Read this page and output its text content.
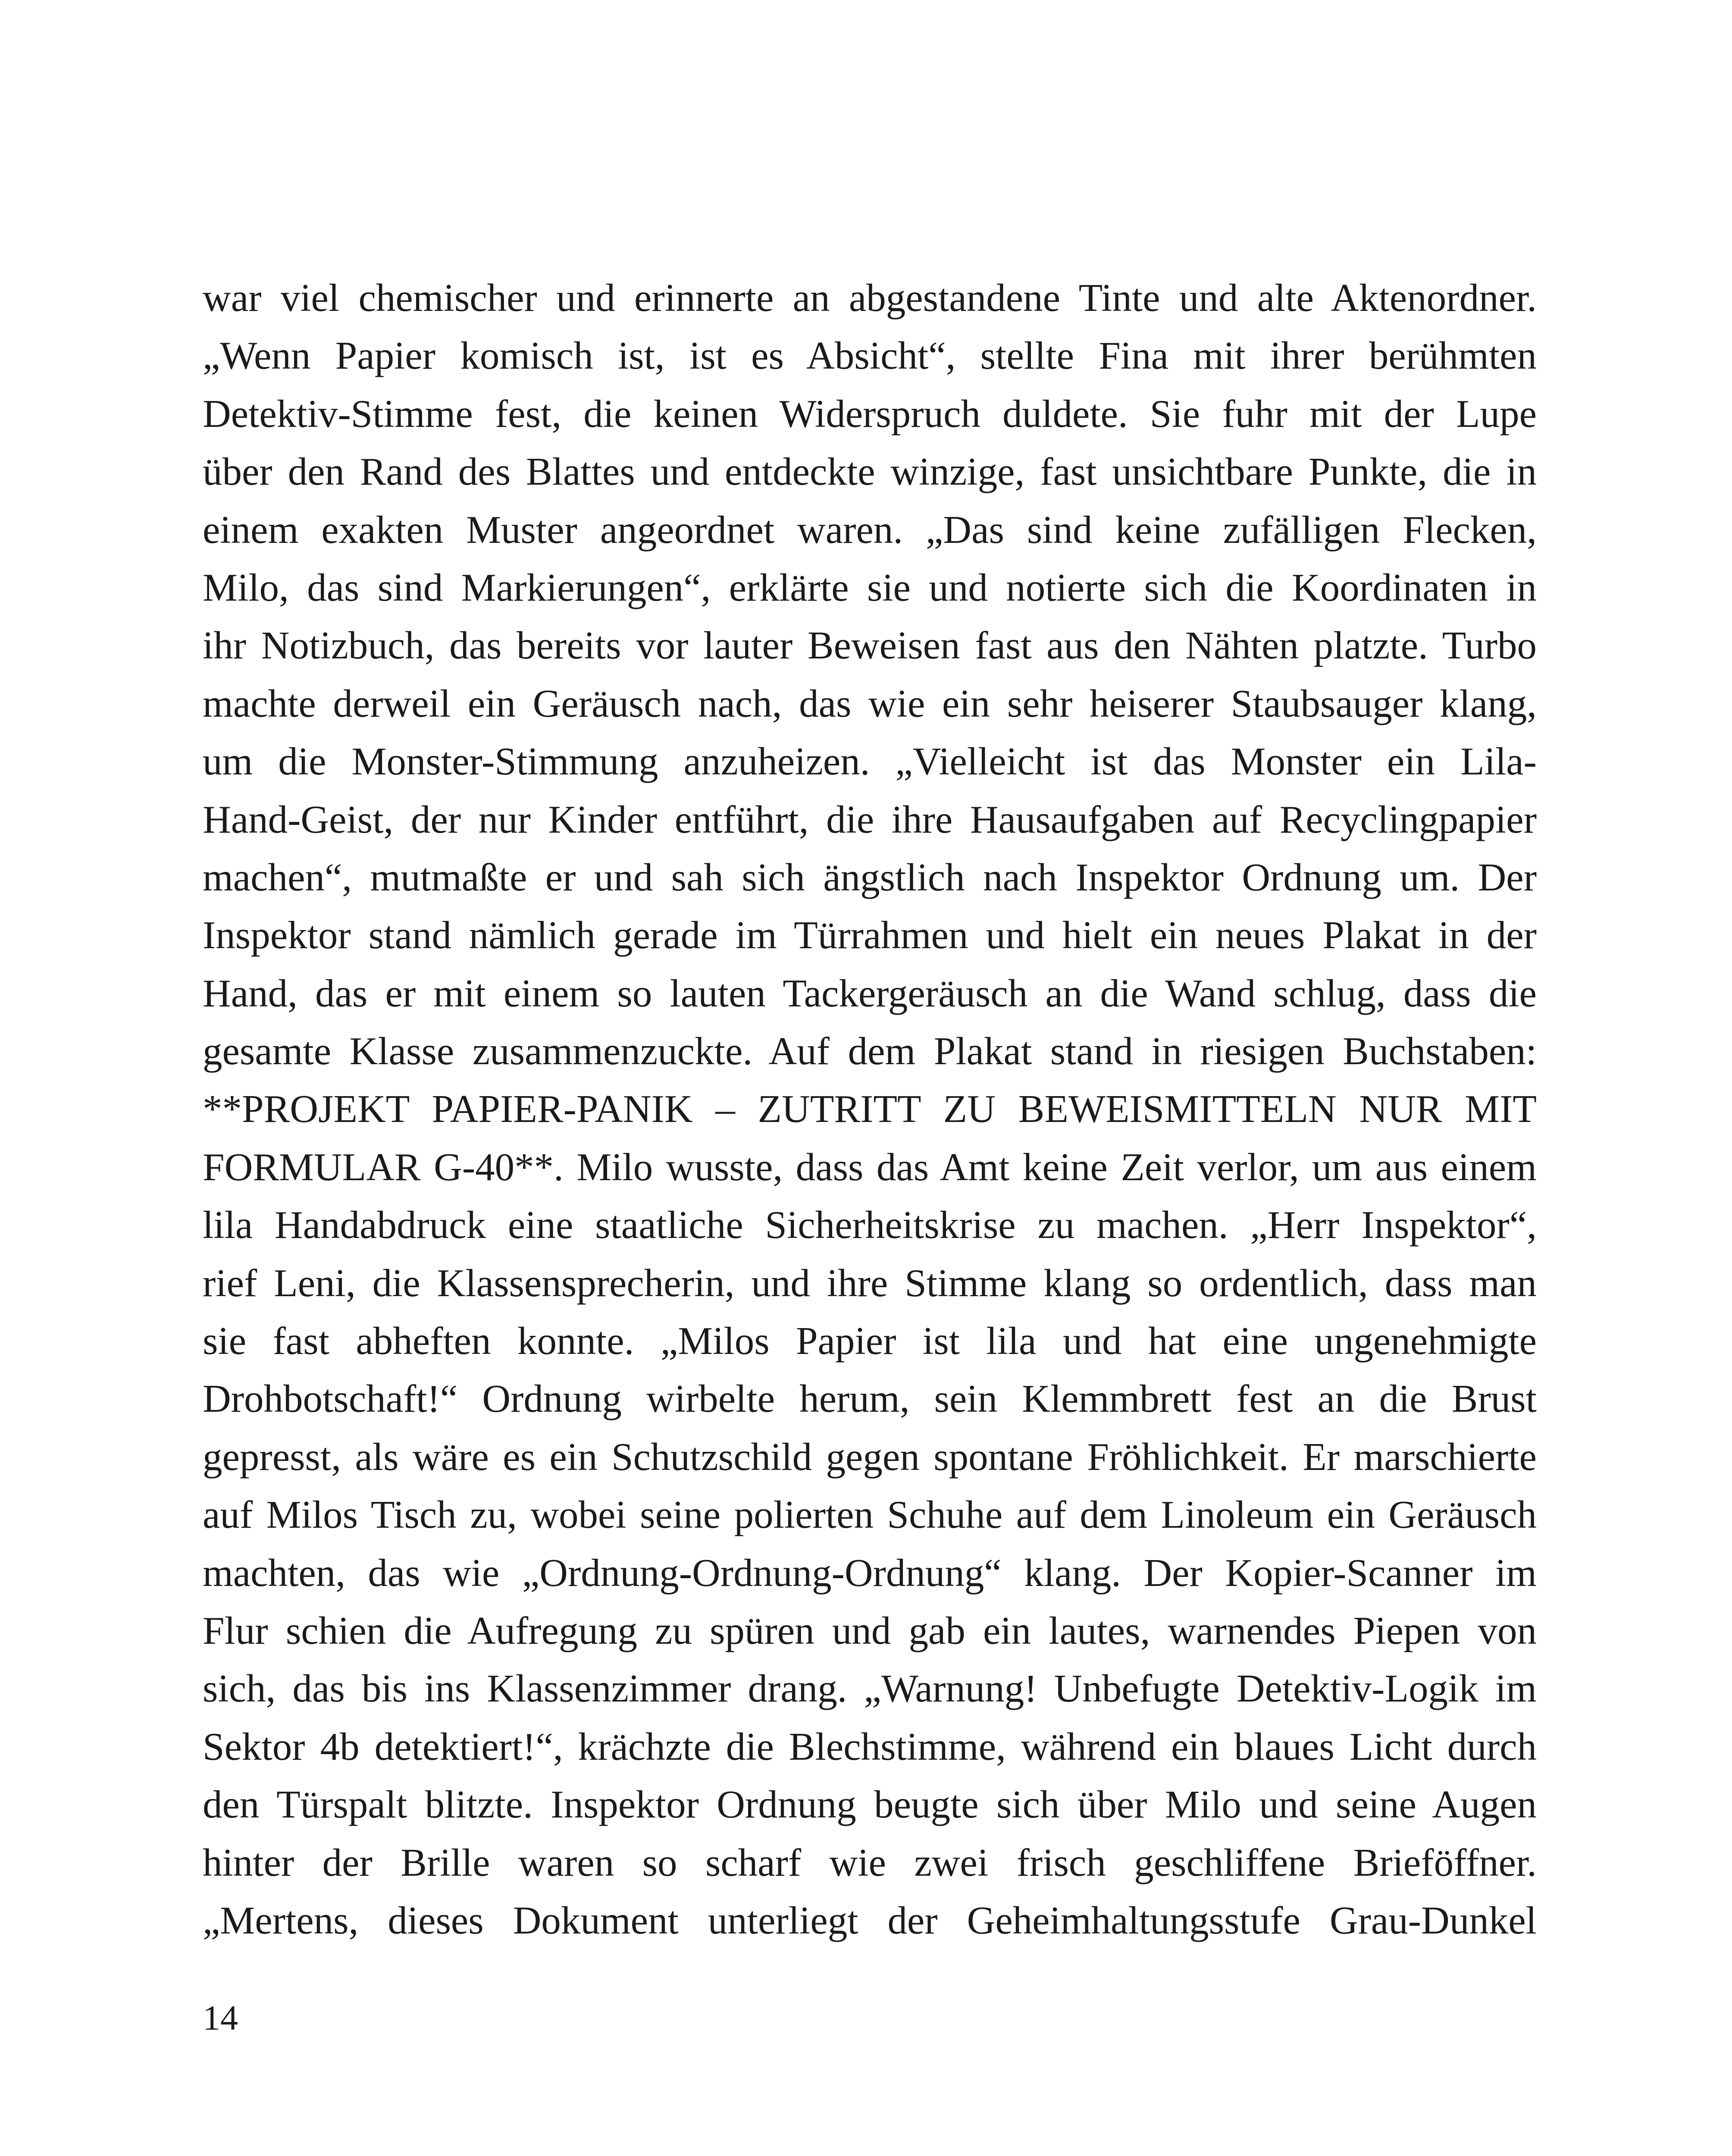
war viel chemischer und erinnerte an abgestandene Tinte und alte Aktenordner.
„Wenn Papier komisch ist, ist es Absicht“, stellte Fina mit ihrer berühmten
Detektiv-Stimme fest, die keinen Widerspruch duldete. Sie fuhr mit der Lupe
über den Rand des Blattes und entdeckte winzige, fast unsichtbare Punkte, die in
einem exakten Muster angeordnet waren. „Das sind keine zufälligen Flecken,
Milo, das sind Markierungen“, erklärte sie und notierte sich die Koordinaten in
ihr Notizbuch, das bereits vor lauter Beweisen fast aus den Nähten platzte. Turbo
machte derweil ein Geräusch nach, das wie ein sehr heiserer Staubsauger klang,
um die Monster-Stimmung anzuheizen. „Vielleicht ist das Monster ein Lila-
Hand-Geist, der nur Kinder entführt, die ihre Hausaufgaben auf Recyclingpapier
machen“, mutmaßte er und sah sich ängstlich nach Inspektor Ordnung um. Der
Inspektor stand nämlich gerade im Türrahmen und hielt ein neues Plakat in der
Hand, das er mit einem so lauten Tackergeräusch an die Wand schlug, dass die
gesamte Klasse zusammenzuckte. Auf dem Plakat stand in riesigen Buchstaben:
**PROJEKT PAPIER-PANIK – ZUTRITT ZU BEWEISMITTELN NUR MIT
FORMULAR G-40**. Milo wusste, dass das Amt keine Zeit verlor, um aus einem
lila Handabdruck eine staatliche Sicherheitskrise zu machen. „Herr Inspektor“,
rief Leni, die Klassensprecherin, und ihre Stimme klang so ordentlich, dass man
sie fast abheften konnte. „Milos Papier ist lila und hat eine ungenehmigte
Drohbotschaft!“ Ordnung wirbelte herum, sein Klemmbrett fest an die Brust
gepresst, als wäre es ein Schutzschild gegen spontane Fröhlichkeit. Er marschierte
auf Milos Tisch zu, wobei seine polierten Schuhe auf dem Linoleum ein Geräusch
machten, das wie „Ordnung-Ordnung-Ordnung“ klang. Der Kopier-Scanner im
Flur schien die Aufregung zu spüren und gab ein lautes, warnendes Piepen von
sich, das bis ins Klassenzimmer drang. „Warnung! Unbefugte Detektiv-Logik im
Sektor 4b detektiert!“, krächzte die Blechstimme, während ein blaues Licht durch
den Türspalt blitzte. Inspektor Ordnung beugte sich über Milo und seine Augen
hinter der Brille waren so scharf wie zwei frisch geschliffene Brieföffner.
„Mertens, dieses Dokument unterliegt der Geheimhaltungsstufe Grau-Dunkel
14
